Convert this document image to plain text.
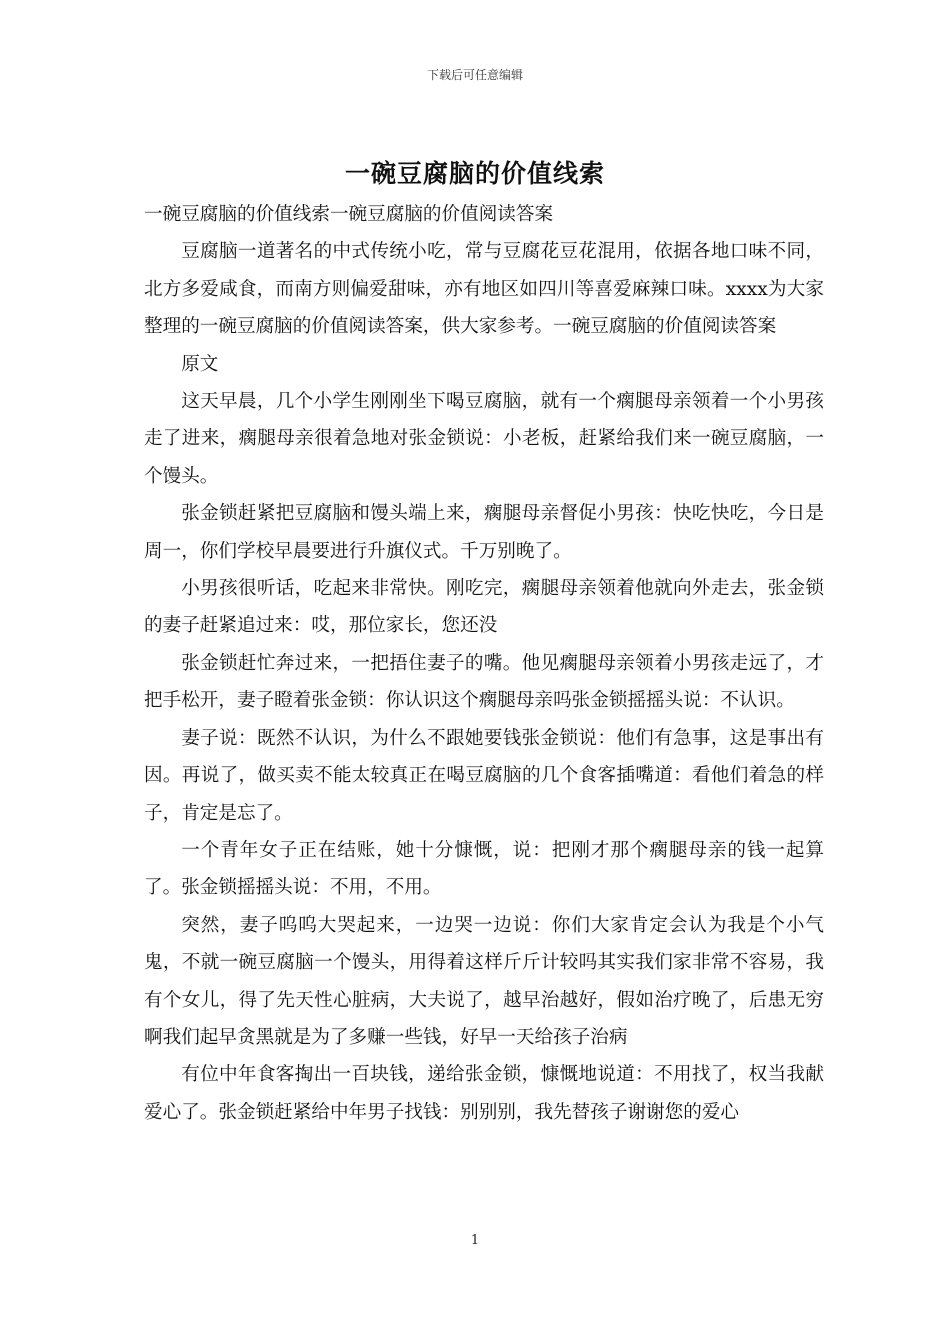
下载后可任意编辑
一碗豆腐脑的价值线索

一碗豆腐脑的价值线索一碗豆腐脑的价值阅读答案

豆腐脑一道著名的中式传统小吃，常与豆腐花豆花混用，依据各地口味不同，北方多爱咸食，而南方则偏爱甜味，亦有地区如四川等喜爱麻辣口味。xxxx为大家整理的一碗豆腐脑的价值阅读答案，供大家参考。一碗豆腐脑的价值阅读答案

原文

这天早晨，几个小学生刚刚坐下喝豆腐脑，就有一个瘸腿母亲领着一个小男孩走了进来，瘸腿母亲很着急地对张金锁说：小老板，赶紧给我们来一碗豆腐脑，一个馒头。

张金锁赶紧把豆腐脑和馒头端上来，瘸腿母亲督促小男孩：快吃快吃，今日是周一，你们学校早晨要进行升旗仪式。千万别晚了。

小男孩很听话，吃起来非常快。刚吃完，瘸腿母亲领着他就向外走去，张金锁的妻子赶紧追过来：哎，那位家长，您还没

张金锁赶忙奔过来，一把捂住妻子的嘴。他见瘸腿母亲领着小男孩走远了，才把手松开，妻子瞪着张金锁：你认识这个瘸腿母亲吗张金锁摇摇头说：不认识。

妻子说：既然不认识，为什么不跟她要钱张金锁说：他们有急事，这是事出有因。再说了，做买卖不能太较真正在喝豆腐脑的几个食客插嘴道：看他们着急的样子，肯定是忘了。

一个青年女子正在结账，她十分慷慨，说：把刚才那个瘸腿母亲的钱一起算了。张金锁摇摇头说：不用，不用。

突然，妻子呜呜大哭起来，一边哭一边说：你们大家肯定会认为我是个小气鬼，不就一碗豆腐脑一个馒头，用得着这样斤斤计较吗其实我们家非常不容易，我有个女儿，得了先天性心脏病，大夫说了，越早治越好，假如治疗晚了，后患无穷啊我们起早贪黑就是为了多赚一些钱，好早一天给孩子治病

有位中年食客掏出一百块钱，递给张金锁，慷慨地说道：不用找了，权当我献爱心了。张金锁赶紧给中年男子找钱：别别别，我先替孩子谢谢您的爱心

1
